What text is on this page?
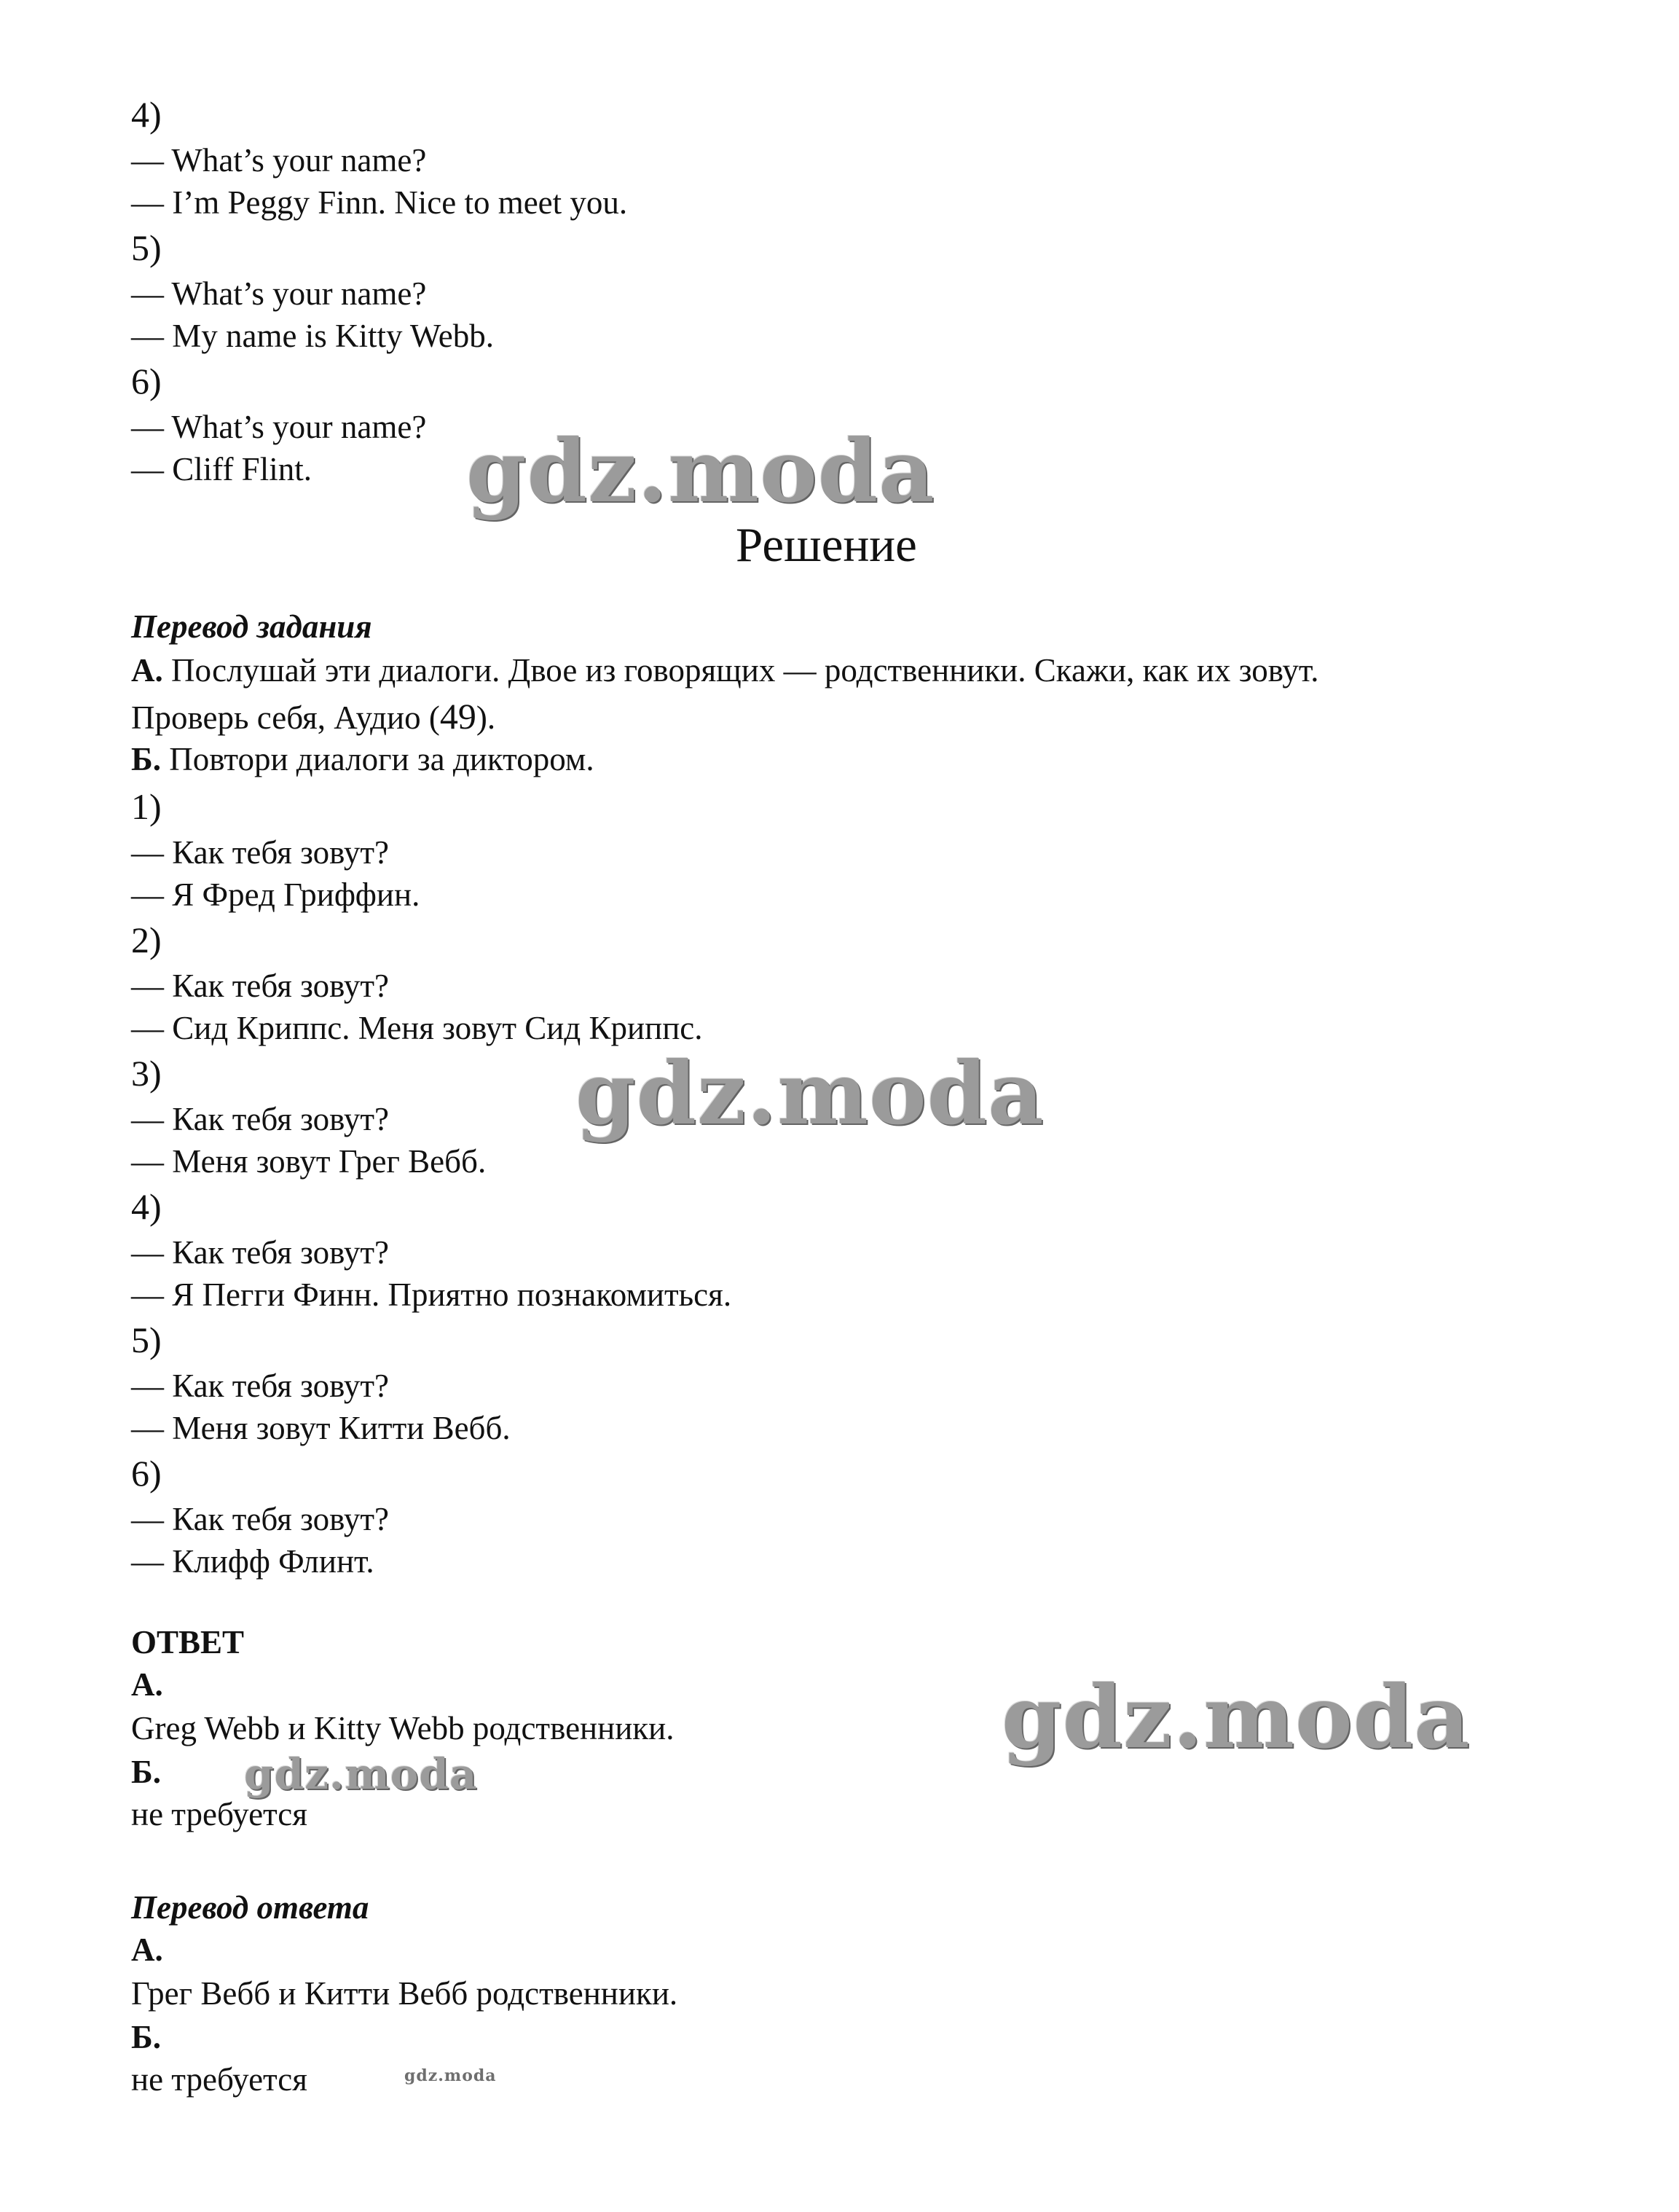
4)
— What’s your name?
— I’m Peggy Finn. Nice to meet you.
5)
— What’s your name?
— My name is Kitty Webb.
6)
— What’s your name?
— Cliff Flint. gdz.moda
Решение
Перевод задания
А. Послушай эти диалоги. Двое из говорящих — родственники. Скажи, как их зовут.
Проверь себя, Аудио (49).
Б. Повтори диалоги за диктором.
1)
— Как тебя зовут?
— Я Фред Гриффин.
2)
— Как тебя зовут?
— Сид Криппс. Меня зовут Сид Криппс.
3)
— Как тебя зовут?
— Меня зовут Грег Вебб.
gdz.moda
4)
— Как тебя зовут?
— Я Пегги Финн. Приятно познакомиться.
5)
— Как тебя зовут?
— Меня зовут Китти Вебб.
6)
— Как тебя зовут?
— Клифф Флинт.
ОТВЕТ
А.
Greg Webb и Kitty Webb родственники.
Б.
не требуется
gdz.moda
gdz.moda
Перевод ответа
А.
Грег Вебб и Китти Вебб родственники.
Б.
не требуется	gdz.moda
